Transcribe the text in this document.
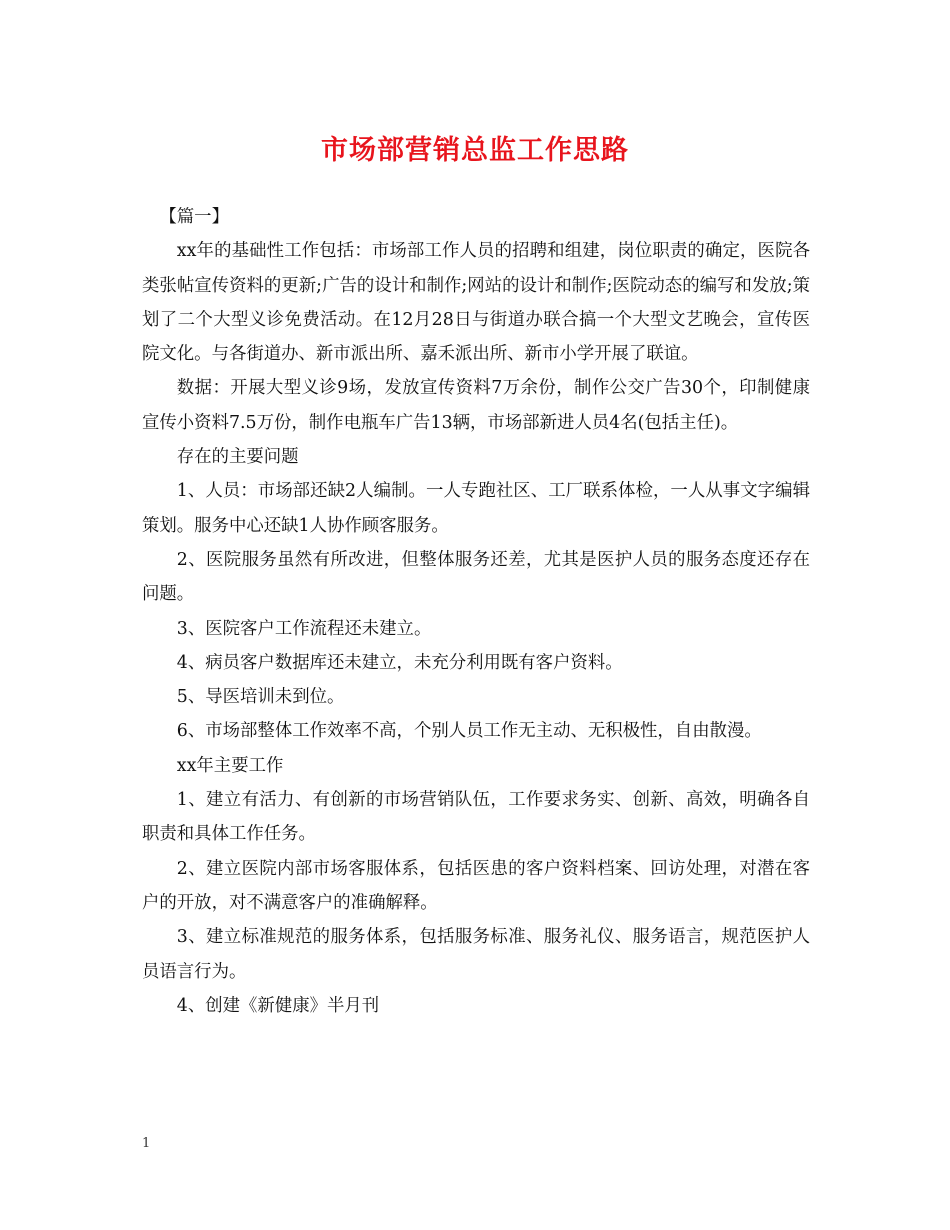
市场部营销总监工作思路

【篇一】

xx年的基础性工作包括：市场部工作人员的招聘和组建，岗位职责的确定，医院各类张帖宣传资料的更新;广告的设计和制作;网站的设计和制作;医院动态的编写和发放;策划了二个大型义诊免费活动。在12月28日与街道办联合搞一个大型文艺晚会，宣传医院文化。与各街道办、新市派出所、嘉禾派出所、新市小学开展了联谊。

数据：开展大型义诊9场，发放宣传资料7万余份，制作公交广告30个，印制健康宣传小资料7.5万份，制作电瓶车广告13辆，市场部新进人员4名(包括主任)。

存在的主要问题

1、人员：市场部还缺2人编制。一人专跑社区、工厂联系体检，一人从事文字编辑策划。服务中心还缺1人协作顾客服务。

2、医院服务虽然有所改进，但整体服务还差，尤其是医护人员的服务态度还存在问题。

3、医院客户工作流程还未建立。

4、病员客户数据库还未建立，未充分利用既有客户资料。

5、导医培训未到位。

6、市场部整体工作效率不高，个别人员工作无主动、无积极性，自由散漫。

xx年主要工作

1、建立有活力、有创新的市场营销队伍，工作要求务实、创新、高效，明确各自职责和具体工作任务。

2、建立医院内部市场客服体系，包括医患的客户资料档案、回访处理，对潜在客户的开放，对不满意客户的准确解释。

3、建立标准规范的服务体系，包括服务标准、服务礼仪、服务语言，规范医护人员语言行为。

4、创建《新健康》半月刊

1
